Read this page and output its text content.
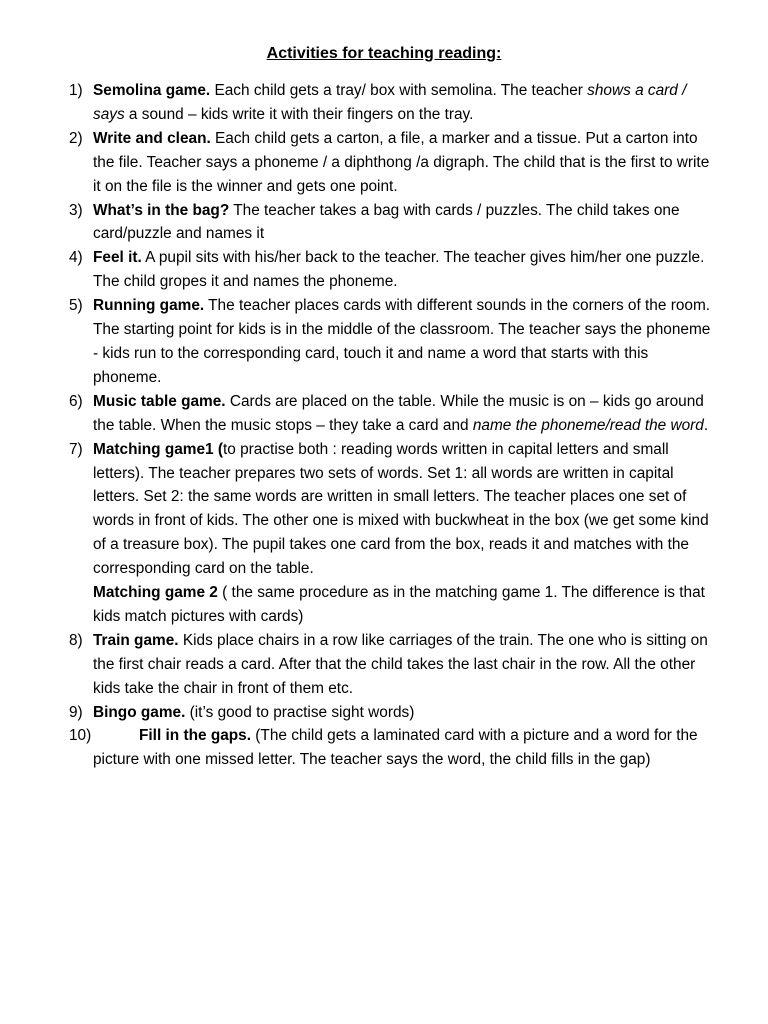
Activities for teaching reading:
1) Semolina game. Each child gets a tray/ box with semolina. The teacher shows a card / says a sound – kids write it with their fingers on the tray.
2) Write and clean. Each child gets a carton, a file, a marker and a tissue. Put a carton into the file. Teacher says a phoneme / a diphthong /a digraph. The child that is the first to write it on the file is the winner and gets one point.
3) What’s in the bag? The teacher takes a bag with cards / puzzles. The child takes one card/puzzle and names it
4) Feel it. A pupil sits with his/her back to the teacher. The teacher gives him/her one puzzle. The child gropes it and names the phoneme.
5) Running game. The teacher places cards with different sounds in the corners of the room. The starting point for kids is in the middle of the classroom. The teacher says the phoneme - kids run to the corresponding card, touch it and name a word that starts with this phoneme.
6) Music table game. Cards are placed on the table. While the music is on – kids go around the table. When the music stops – they take a card and name the phoneme/read the word.
7) Matching game1 (to practise both : reading words written in capital letters and small letters). The teacher prepares two sets of words. Set 1: all words are written in capital letters. Set 2: the same words are written in small letters. The teacher places one set of words in front of kids. The other one is mixed with buckwheat in the box (we get some kind of a treasure box). The pupil takes one card from the box, reads it and matches with the corresponding card on the table.
Matching game 2 ( the same procedure as in the matching game 1. The difference is that kids match pictures with cards)
8) Train game. Kids place chairs in a row like carriages of the train. The one who is sitting on the first chair reads a card. After that the child takes the last chair in the row. All the other kids take the chair in front of them etc.
9) Bingo game. (it’s good to practise sight words)
10)	Fill in the gaps. (The child gets a laminated card with a picture and a word for the picture with one missed letter. The teacher says the word, the child fills in the gap)
